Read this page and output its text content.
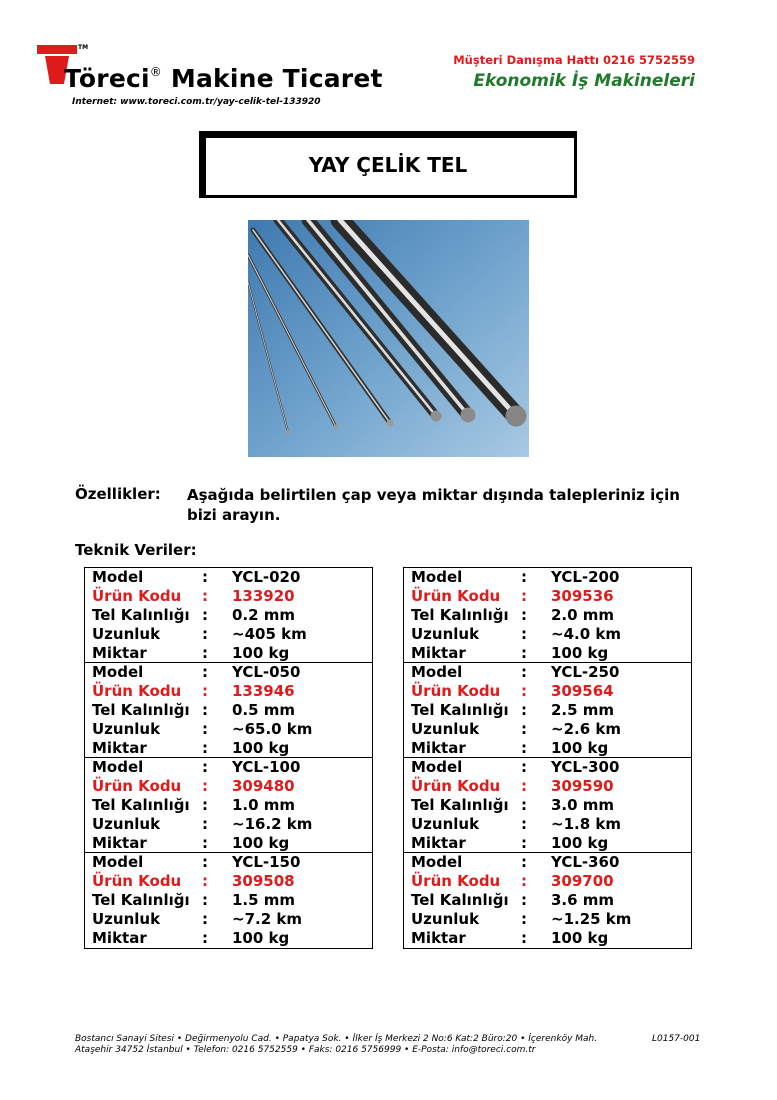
TM
Töreci® Makine Ticaret
Internet: www.toreci.com.tr/yay-celik-tel-133920
Müşteri Danışma Hattı 0216 5752559
Ekonomik İş Makineleri
YAY ÇELİK TEL
Özellikler: Aşağıda belirtilen çap veya miktar dışında talepleriniz için bizi arayın.
Teknik Veriler:
Model	:	YCL-020
Ürün Kodu	:	133920
Tel Kalınlığı :	0.2 mm
Uzunluk	:	~405 km
Miktar	:	100 kg
Model	:	YCL-050
Ürün Kodu	:	133946
Tel Kalınlığı :	0.5 mm
Uzunluk	:	~65.0 km
Miktar	:	100 kg
Model	:	YCL-100
Ürün Kodu	:	309480
Tel Kalınlığı :	1.0 mm
Uzunluk	:	~16.2 km
Miktar	:	100 kg
Model	:	YCL-150
Ürün Kodu	:	309508
Tel Kalınlığı :	1.5 mm
Uzunluk	:	~7.2 km
Miktar	:	100 kg
Model	:	YCL-200
Ürün Kodu	:	309536
Tel Kalınlığı :	2.0 mm
Uzunluk	:	~4.0 km
Miktar	:	100 kg
Model	:	YCL-250
Ürün Kodu	:	309564
Tel Kalınlığı :	2.5 mm
Uzunluk	:	~2.6 km
Miktar	:	100 kg
Model	:	YCL-300
Ürün Kodu	:	309590
Tel Kalınlığı :	3.0 mm
Uzunluk	:	~1.8 km
Miktar	:	100 kg
Model	:	YCL-360
Ürün Kodu	:	309700
Tel Kalınlığı :	3.6 mm
Uzunluk	:	~1.25 km
Miktar	:	100 kg
Bostancı Sanayi Sitesi • Değirmenyolu Cad. • Papatya Sok. • İlker İş Merkezi 2 No:6 Kat:2 Büro:20 • İçerenköy Mah.
Ataşehir 34752 İstanbul • Telefon: 0216 5752559 • Faks: 0216 5756999 • E-Posta: info@toreci.com.tr
L0157-001
